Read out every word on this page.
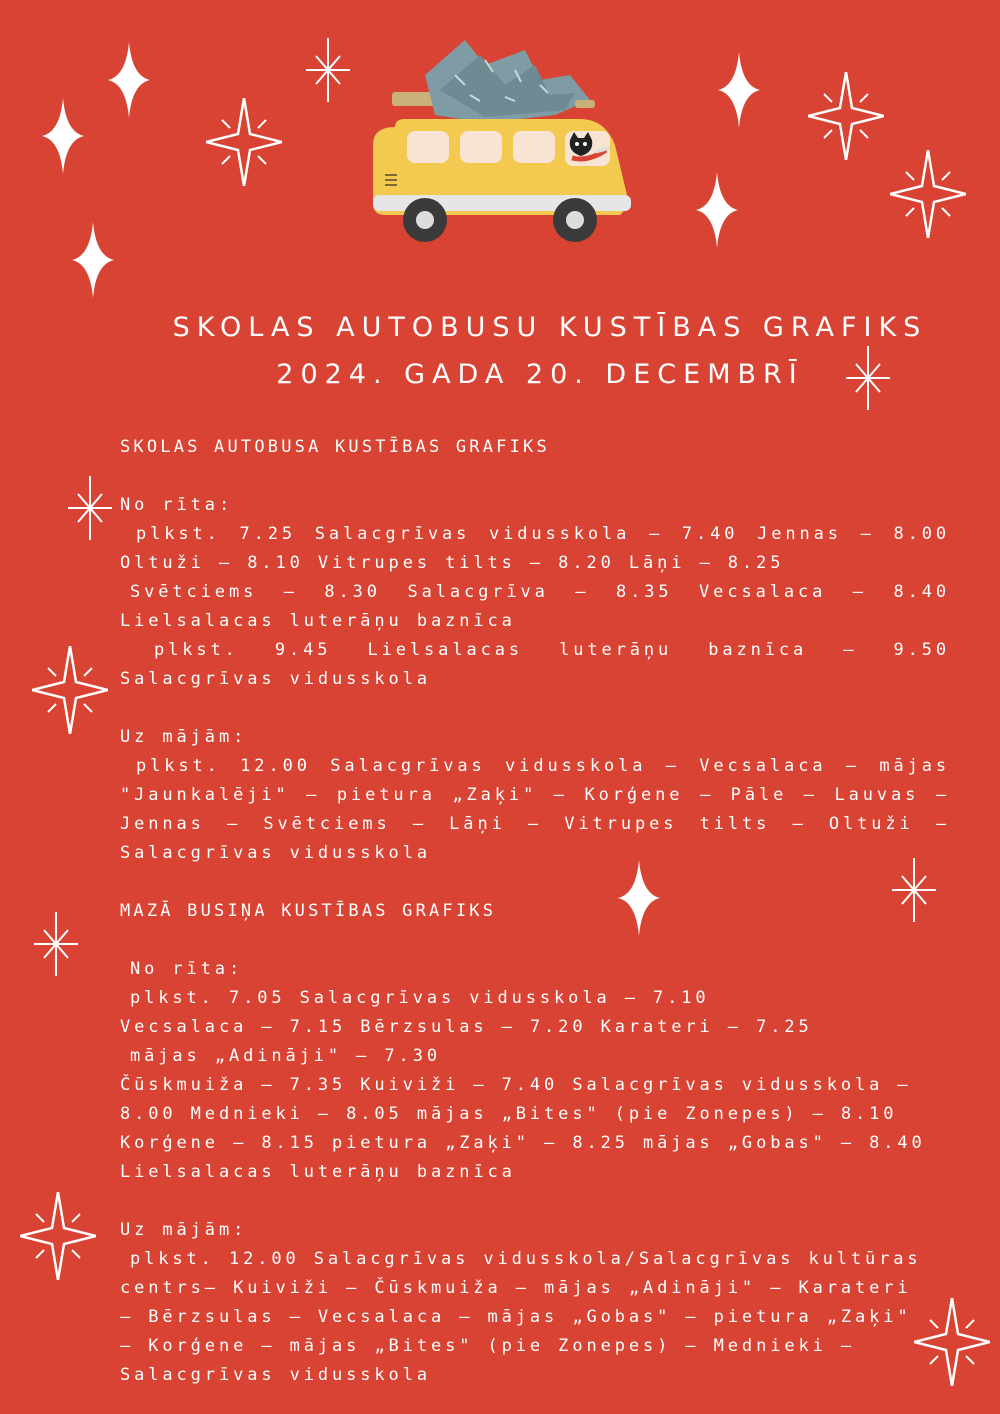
SKOLAS AUTOBUSU KUSTĪBAS GRAFIKS
2024. GADA 20. DECEMBRĪ

SKOLAS AUTOBUSA KUSTĪBAS GRAFIKS

No rīta:

plkst. 7.25 Salacgrīvas vidusskola – 7.40 Jennas – 8.00

Oltuži – 8.10 Vitrupes tilts – 8.20 Lāņi – 8.25

Svētciems – 8.30 Salacgrīva – 8.35 Vecsalaca – 8.40

Lielsalacas luterāņu baznīca

plkst. 9.45 Lielsalacas luterāņu baznīca – 9.50

Salacgrīvas vidusskola

Uz mājām:

plkst. 12.00 Salacgrīvas vidusskola – Vecsalaca – mājas

"Jaunkalēji" – pietura „Zaķi" – Korģene – Pāle – Lauvas –

Jennas – Svētciems – Lāņi – Vitrupes tilts – Oltuži –

Salacgrīvas vidusskola

MAZĀ BUSIŅA KUSTĪBAS GRAFIKS

No rīta:

plkst. 7.05 Salacgrīvas vidusskola – 7.10

Vecsalaca – 7.15 Bērzsulas – 7.20 Karateri – 7.25

mājas „Adināji" – 7.30

Čūskmuiža – 7.35 Kuiviži – 7.40 Salacgrīvas vidusskola –

8.00 Mednieki – 8.05 mājas „Bites" (pie Zonepes) – 8.10

Korģene – 8.15 pietura „Zaķi" – 8.25 mājas „Gobas" – 8.40

Lielsalacas luterāņu baznīca

Uz mājām:

plkst. 12.00 Salacgrīvas vidusskola/Salacgrīvas kultūras

centrs– Kuiviži – Čūskmuiža – mājas „Adināji" – Karateri

– Bērzsulas – Vecsalaca – mājas „Gobas" – pietura „Zaķi"

– Korģene – mājas „Bites" (pie Zonepes) – Mednieki –

Salacgrīvas vidusskola
